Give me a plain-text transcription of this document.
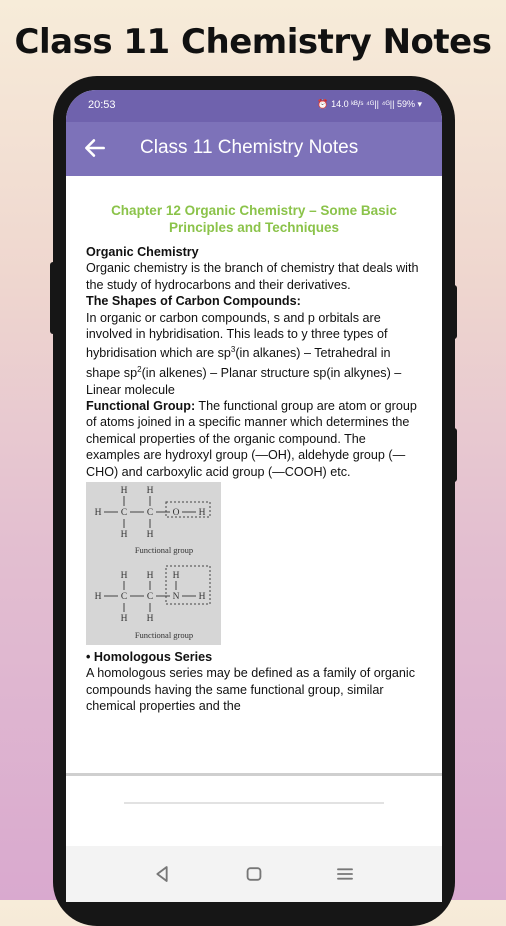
Class 11 Chemistry Notes
20:53	⏰ 14.0 ᵏᴮ/ˢ ⁴ᴳ|| ⁴ᴳ|| 59% ▾
Class 11 Chemistry Notes
Chapter 12 Organic Chemistry – Some Basic Principles and Techniques

Organic Chemistry

Organic chemistry is the branch of chemistry that deals with the study of hydrocarbons and their derivatives.

The Shapes of Carbon Compounds:

In organic or carbon compounds, s and p orbitals are involved in hybridisation. This leads to y three types of hybridisation which are $sp^3(in$ alkanes) – Tetrahedral in shape $sp^2(in$ alkenes) – Planar structure sp(in alkynes) – Linear molecule

Functional Group: The functional group are atom or group of atoms joined in a specific manner which determines the chemical properties of the organic compound. The examples are hydroxyl group (—OH), aldehyde group (—CHO) and carboxylic acid group (—COOH) etc.

H H
H C C O H
H H
H H H
H C C N H
H H
Functional group
Functional group

• Homologous Series

A homologous series may be defined as a family of organic compounds having the same functional group, similar chemical properties and the
